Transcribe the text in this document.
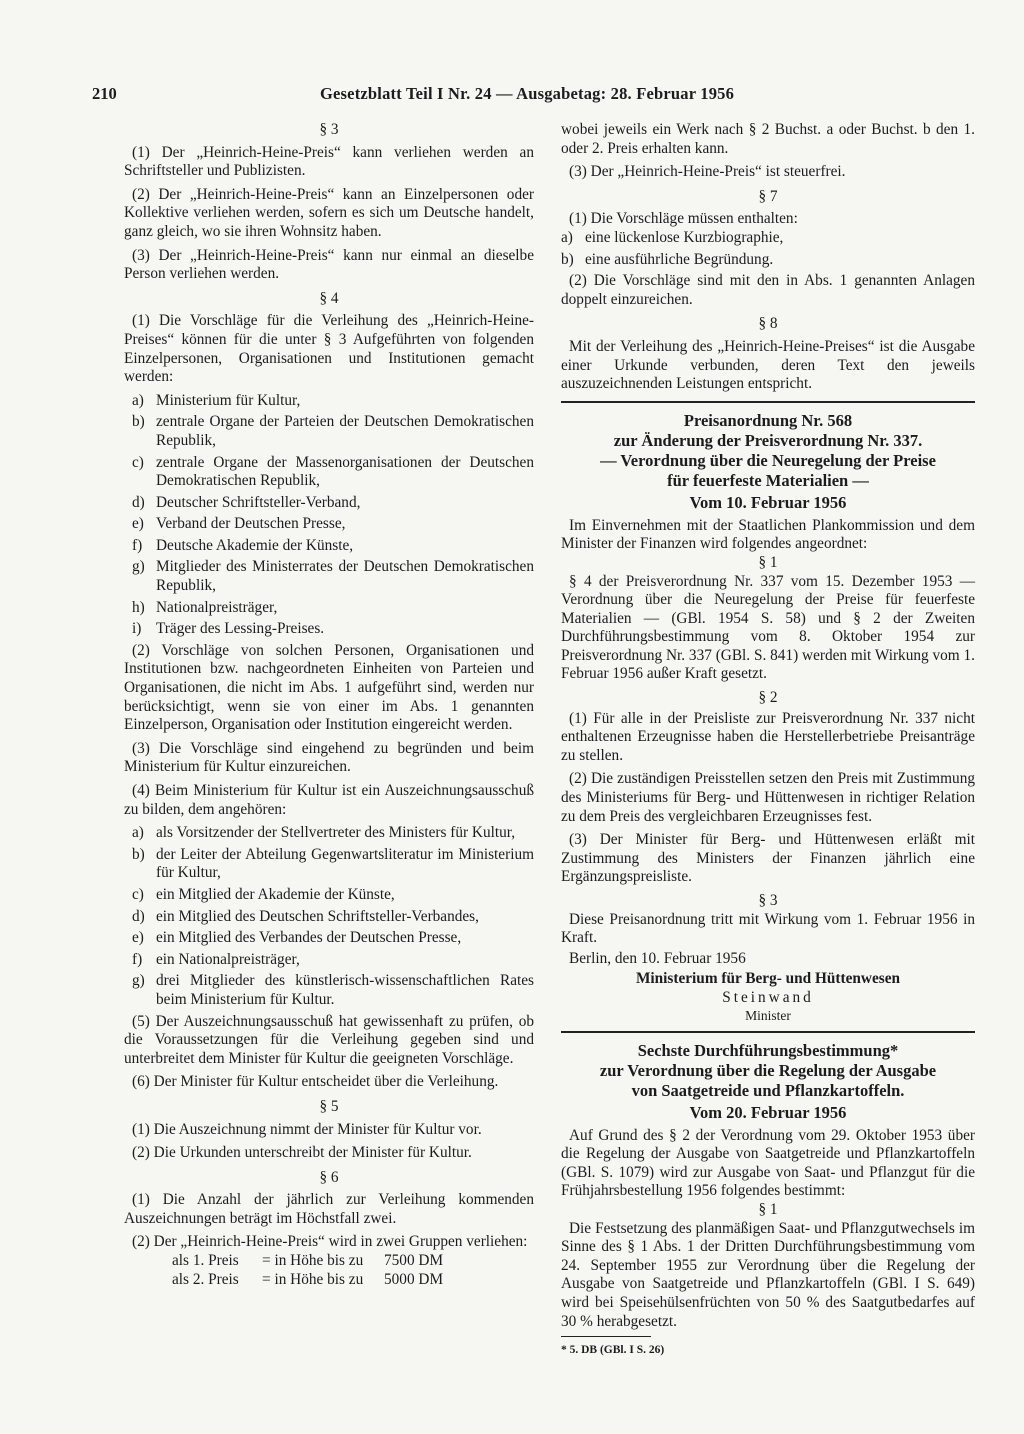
210	Gesetzblatt Teil I Nr. 24 — Ausgabetag: 28. Februar 1956
§ 3

(1) Der „Heinrich-Heine-Preis“ kann verliehen werden an Schriftsteller und Publizisten.

(2) Der „Heinrich-Heine-Preis“ kann an Einzelpersonen oder Kollektive verliehen werden, sofern es sich um Deutsche handelt, ganz gleich, wo sie ihren Wohnsitz haben.

(3) Der „Heinrich-Heine-Preis“ kann nur einmal an dieselbe Person verliehen werden.

§ 4

(1) Die Vorschläge für die Verleihung des „Heinrich-Heine-Preises“ können für die unter § 3 Aufgeführten von folgenden Einzelpersonen, Organisationen und Institutionen gemacht werden:

a) Ministerium für Kultur,
b) zentrale Organe der Parteien der Deutschen Demokratischen Republik,
c) zentrale Organe der Massenorganisationen der Deutschen Demokratischen Republik,
d) Deutscher Schriftsteller-Verband,
e) Verband der Deutschen Presse,
f) Deutsche Akademie der Künste,
g) Mitglieder des Ministerrates der Deutschen Demokratischen Republik,
h) Nationalpreisträger,
i) Träger des Lessing-Preises.

(2) Vorschläge von solchen Personen, Organisationen und Institutionen bzw. nachgeordneten Einheiten von Parteien und Organisationen, die nicht im Abs. 1 aufgeführt sind, werden nur berücksichtigt, wenn sie von einer im Abs. 1 genannten Einzelperson, Organisation oder Institution eingereicht werden.

(3) Die Vorschläge sind eingehend zu begründen und beim Ministerium für Kultur einzureichen.

(4) Beim Ministerium für Kultur ist ein Auszeichnungsausschuß zu bilden, dem angehören:

a) als Vorsitzender der Stellvertreter des Ministers für Kultur,
b) der Leiter der Abteilung Gegenwartsliteratur im Ministerium für Kultur,
c) ein Mitglied der Akademie der Künste,
d) ein Mitglied des Deutschen Schriftsteller-Verbandes,
e) ein Mitglied des Verbandes der Deutschen Presse,
f) ein Nationalpreisträger,
g) drei Mitglieder des künstlerisch-wissenschaftlichen Rates beim Ministerium für Kultur.

(5) Der Auszeichnungsausschuß hat gewissenhaft zu prüfen, ob die Voraussetzungen für die Verleihung gegeben sind und unterbreitet dem Minister für Kultur die geeigneten Vorschläge.

(6) Der Minister für Kultur entscheidet über die Verleihung.

§ 5

(1) Die Auszeichnung nimmt der Minister für Kultur vor.

(2) Die Urkunden unterschreibt der Minister für Kultur.

§ 6

(1) Die Anzahl der jährlich zur Verleihung kommenden Auszeichnungen beträgt im Höchstfall zwei.

(2) Der „Heinrich-Heine-Preis“ wird in zwei Gruppen verliehen:

als 1. Preis = in Höhe bis zu 7500 DM
als 2. Preis = in Höhe bis zu 5000 DM

wobei jeweils ein Werk nach § 2 Buchst. a oder Buchst. b den 1. oder 2. Preis erhalten kann.

(3) Der „Heinrich-Heine-Preis“ ist steuerfrei.

§ 7

(1) Die Vorschläge müssen enthalten:

a) eine lückenlose Kurzbiographie,
b) eine ausführliche Begründung.

(2) Die Vorschläge sind mit den in Abs. 1 genannten Anlagen doppelt einzureichen.

§ 8

Mit der Verleihung des „Heinrich-Heine-Preises“ ist die Ausgabe einer Urkunde verbunden, deren Text den jeweils auszuzeichnenden Leistungen entspricht.

Preisanordnung Nr. 568

zur Änderung der Preisverordnung Nr. 337.

— Verordnung über die Neuregelung der Preise

für feuerfeste Materialien —

Vom 10. Februar 1956

Im Einvernehmen mit der Staatlichen Plankommission und dem Minister der Finanzen wird folgendes angeordnet:

§ 1

§ 4 der Preisverordnung Nr. 337 vom 15. Dezember 1953 — Verordnung über die Neuregelung der Preise für feuerfeste Materialien — (GBl. 1954 S. 58) und § 2 der Zweiten Durchführungsbestimmung vom 8. Oktober 1954 zur Preisverordnung Nr. 337 (GBl. S. 841) werden mit Wirkung vom 1. Februar 1956 außer Kraft gesetzt.

§ 2

(1) Für alle in der Preisliste zur Preisverordnung Nr. 337 nicht enthaltenen Erzeugnisse haben die Herstellerbetriebe Preisanträge zu stellen.

(2) Die zuständigen Preisstellen setzen den Preis mit Zustimmung des Ministeriums für Berg- und Hüttenwesen in richtiger Relation zu dem Preis des vergleichbaren Erzeugnisses fest.

(3) Der Minister für Berg- und Hüttenwesen erläßt mit Zustimmung des Ministers der Finanzen jährlich eine Ergänzungspreisliste.

§ 3

Diese Preisanordnung tritt mit Wirkung vom 1. Februar 1956 in Kraft.

Berlin, den 10. Februar 1956

Ministerium für Berg- und Hüttenwesen

Steinwand

Minister

Sechste Durchführungsbestimmung*

zur Verordnung über die Regelung der Ausgabe

von Saatgetreide und Pflanzkartoffeln.

Vom 20. Februar 1956

Auf Grund des § 2 der Verordnung vom 29. Oktober 1953 über die Regelung der Ausgabe von Saatgetreide und Pflanzkartoffeln (GBl. S. 1079) wird zur Ausgabe von Saat- und Pflanzgut für die Frühjahrsbestellung 1956 folgendes bestimmt:

§ 1

Die Festsetzung des planmäßigen Saat- und Pflanzgutwechsels im Sinne des § 1 Abs. 1 der Dritten Durchführungsbestimmung vom 24. September 1955 zur Verordnung über die Regelung der Ausgabe von Saatgetreide und Pflanzkartoffeln (GBl. I S. 649) wird bei Speisehülsenfrüchten von 50 % des Saatgutbedarfes auf 30 % herabgesetzt.

* 5. DB (GBl. I S. 26)
